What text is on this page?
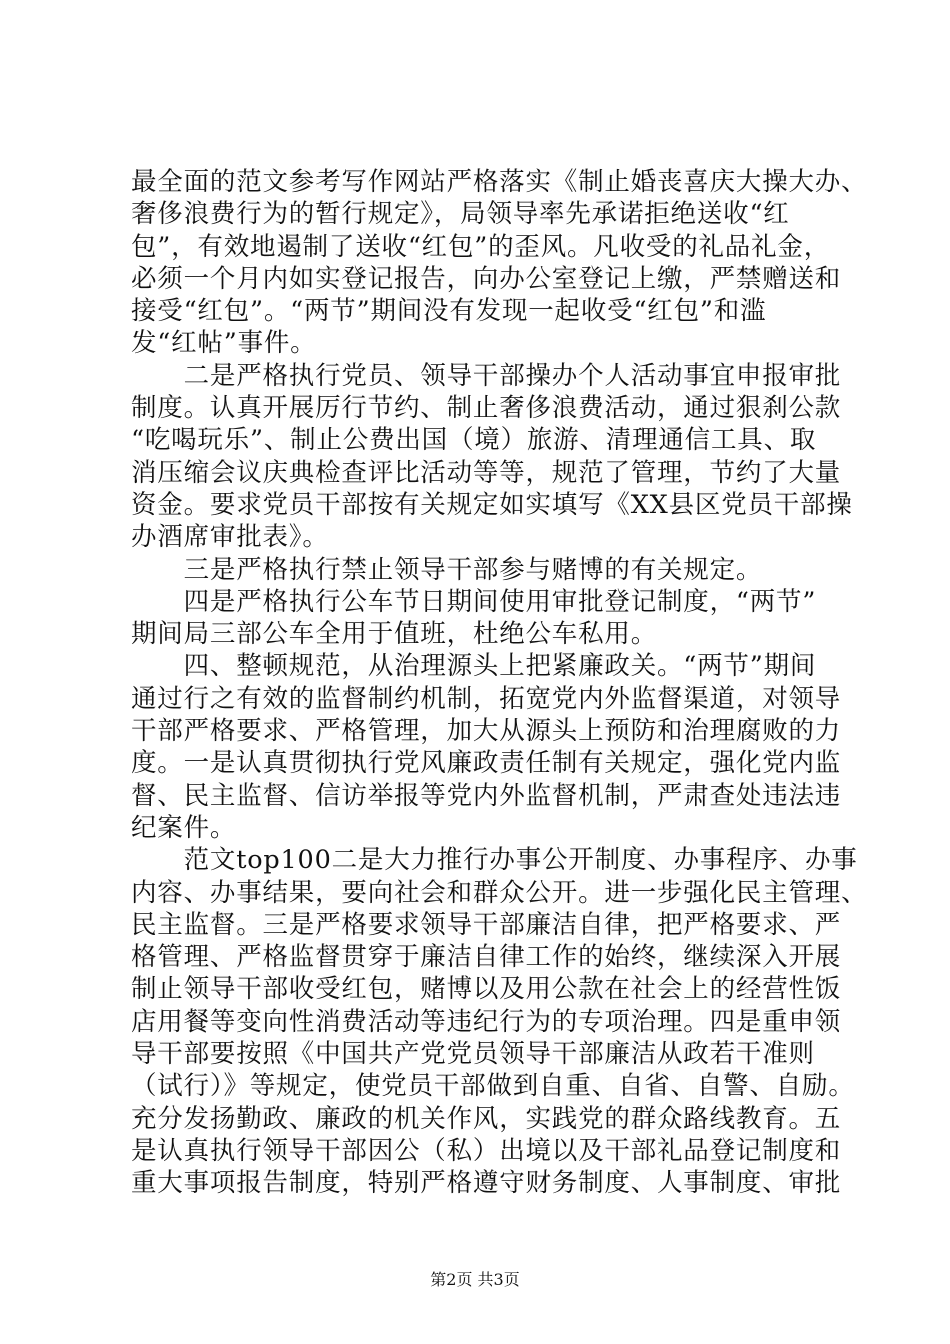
最全面的范文参考写作网站严格落实《制止婚丧喜庆大操大办、
奢侈浪费行为的暂行规定》，局领导率先承诺拒绝送收“红
包”，有效地遏制了送收“红包”的歪风。凡收受的礼品礼金，
必须一个月内如实登记报告，向办公室登记上缴，严禁赠送和
接受“红包”。“两节”期间没有发现一起收受“红包”和滥
发“红帖”事件。
　　二是严格执行党员、领导干部操办个人活动事宜申报审批
制度。认真开展厉行节约、制止奢侈浪费活动，通过狠刹公款
“吃喝玩乐”、制止公费出国（境）旅游、清理通信工具、取
消压缩会议庆典检查评比活动等等，规范了管理，节约了大量
资金。要求党员干部按有关规定如实填写《XX县区党员干部操
办酒席审批表》。
　　三是严格执行禁止领导干部参与赌博的有关规定。
　　四是严格执行公车节日期间使用审批登记制度，“两节”
期间局三部公车全用于值班，杜绝公车私用。
　　四、整顿规范，从治理源头上把紧廉政关。“两节”期间
通过行之有效的监督制约机制，拓宽党内外监督渠道，对领导
干部严格要求、严格管理，加大从源头上预防和治理腐败的力
度。一是认真贯彻执行党风廉政责任制有关规定，强化党内监
督、民主监督、信访举报等党内外监督机制，严肃查处违法违
纪案件。
　　范文top100二是大力推行办事公开制度、办事程序、办事
内容、办事结果，要向社会和群众公开。进一步强化民主管理、
民主监督。三是严格要求领导干部廉洁自律，把严格要求、严
格管理、严格监督贯穿于廉洁自律工作的始终，继续深入开展
制止领导干部收受红包，赌博以及用公款在社会上的经营性饭
店用餐等变向性消费活动等违纪行为的专项治理。四是重申领
导干部要按照《中国共产党党员领导干部廉洁从政若干准则
（试行）》等规定，使党员干部做到自重、自省、自警、自励。
充分发扬勤政、廉政的机关作风，实践党的群众路线教育。五
是认真执行领导干部因公（私）出境以及干部礼品登记制度和
重大事项报告制度，特别严格遵守财务制度、人事制度、审批
第2页 共3页
